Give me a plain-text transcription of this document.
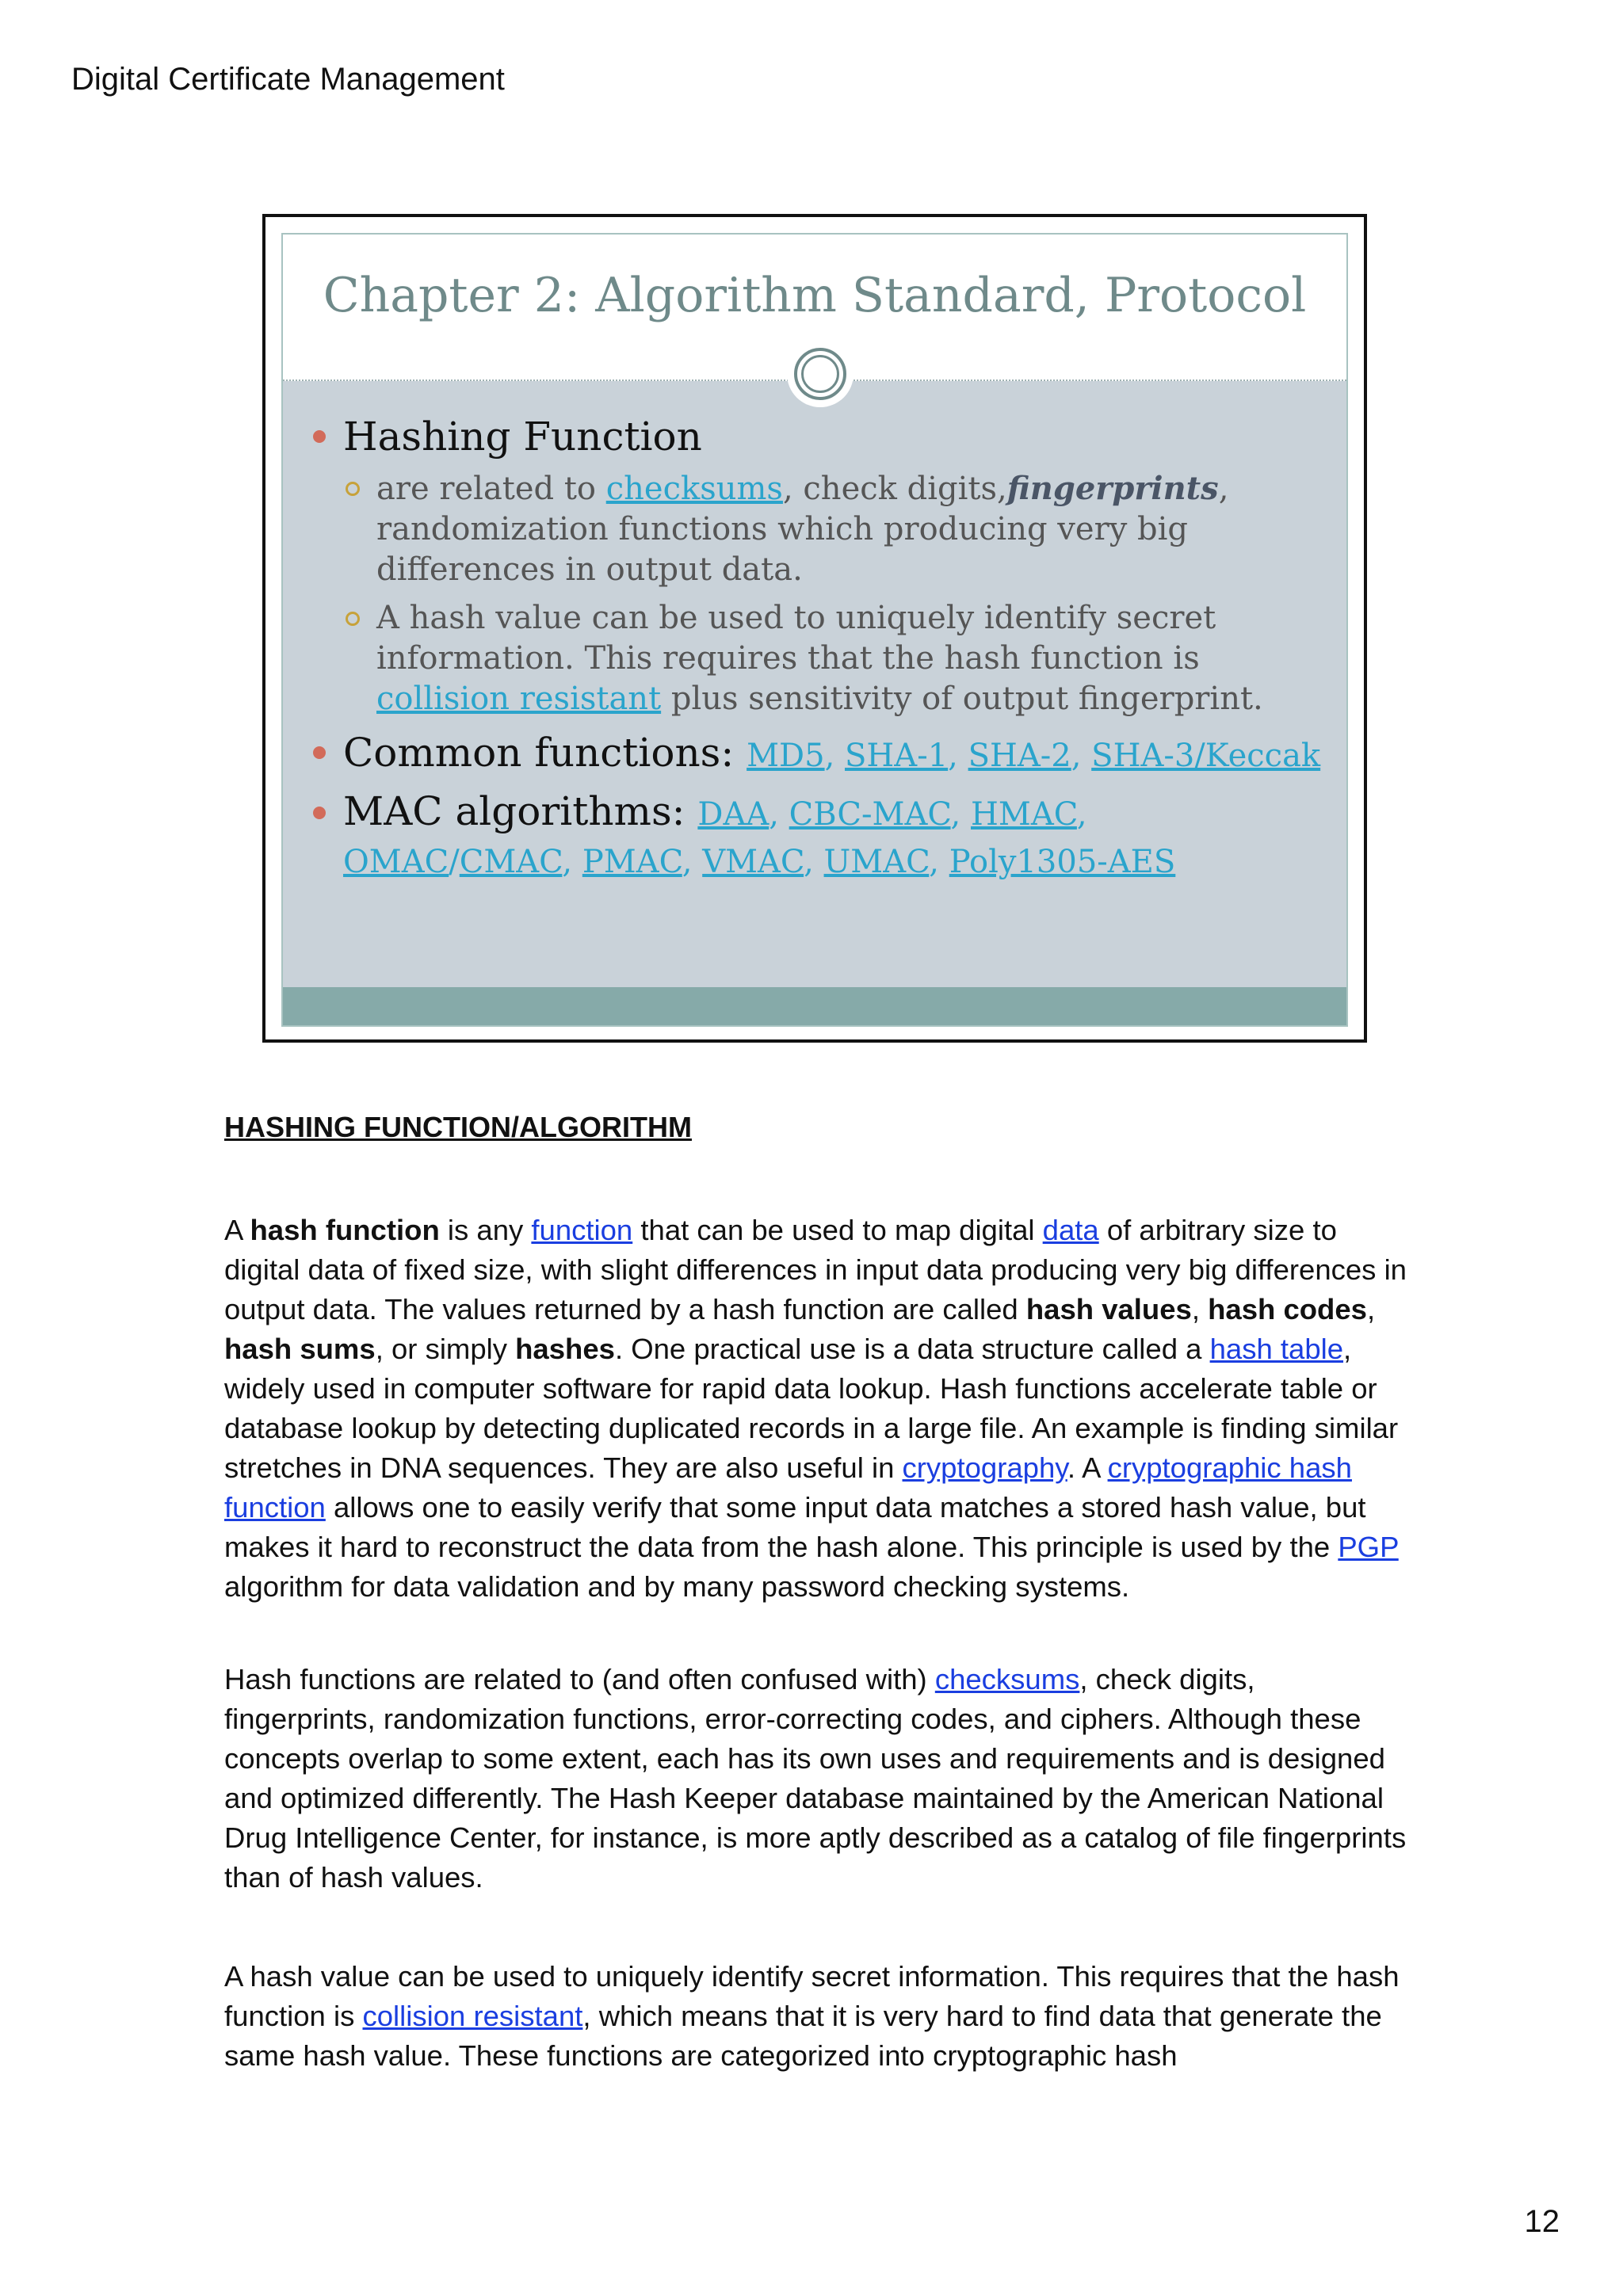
Digital Certificate Management
Chapter 2: Algorithm Standard, Protocol
Hashing Function
are related to checksums, check digits,fingerprints, randomization functions which producing very big differences in output data.
A hash value can be used to uniquely identify secret information. This requires that the hash function is collision resistant plus sensitivity of output fingerprint.
Common functions: MD5, SHA-1, SHA-2, SHA-3/Keccak
MAC algorithms: DAA, CBC-MAC, HMAC, OMAC/CMAC, PMAC, VMAC, UMAC, Poly1305-AES
HASHING FUNCTION/ALGORITHM

A hash function is any function that can be used to map digital data of arbitrary size to digital data of fixed size, with slight differences in input data producing very big differences in output data. The values returned by a hash function are called hash values, hash codes, hash sums, or simply hashes. One practical use is a data structure called a hash table, widely used in computer software for rapid data lookup. Hash functions accelerate table or database lookup by detecting duplicated records in a large file. An example is finding similar stretches in DNA sequences. They are also useful in cryptography. A cryptographic hash function allows one to easily verify that some input data matches a stored hash value, but makes it hard to reconstruct the data from the hash alone. This principle is used by the PGP algorithm for data validation and by many password checking systems.

Hash functions are related to (and often confused with) checksums, check digits, fingerprints, randomization functions, error-correcting codes, and ciphers. Although these concepts overlap to some extent, each has its own uses and requirements and is designed and optimized differently. The Hash Keeper database maintained by the American National Drug Intelligence Center, for instance, is more aptly described as a catalog of file fingerprints than of hash values.

A hash value can be used to uniquely identify secret information. This requires that the hash function is collision resistant, which means that it is very hard to find data that generate the same hash value. These functions are categorized into cryptographic hash

12
